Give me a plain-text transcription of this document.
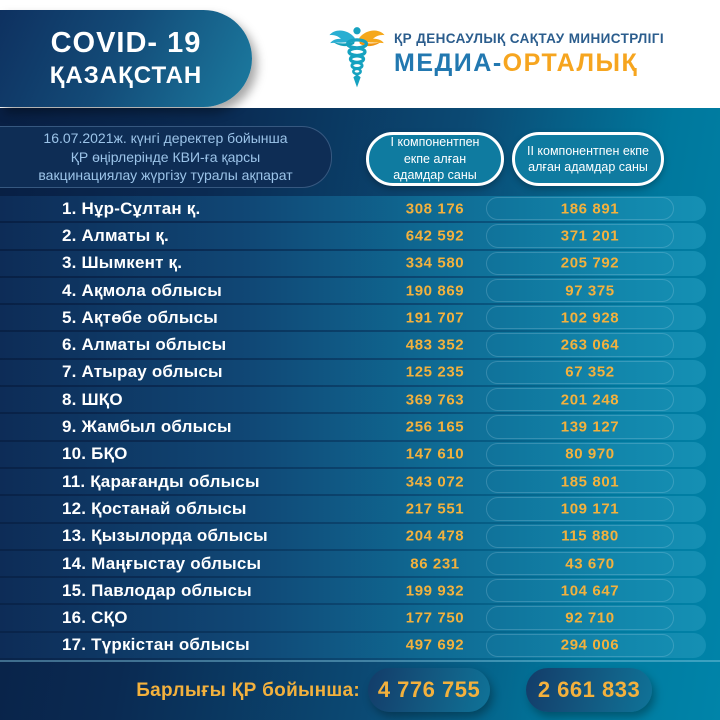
COVID- 19
ҚАЗАҚСТАН
ҚР ДЕНСАУЛЫҚ САҚТАУ МИНИСТРЛІГІ
МЕДИА-ОРТАЛЫҚ
16.07.2021ж. күнгі деректер бойынша
ҚР өңірлерінде КВИ-ға қарсы
вакцинациялау жүргізу туралы ақпарат
І компонентпен екпе алған адамдар саны
ІІ компонентпен екпе алған адамдар саны
1. Нұр-Сұлтан қ.	308 176	186 891
2. Алматы қ.	642 592	371 201
3. Шымкент қ.	334 580	205 792
4. Ақмола облысы	190 869	97 375
5. Ақтөбе облысы	191 707	102 928
6. Алматы облысы	483 352	263 064
7. Атырау облысы	125 235	67 352
8. ШҚО	369 763	201 248
9. Жамбыл облысы	256 165	139 127
10. БҚО	147 610	80 970
11. Қарағанды облысы	343 072	185 801
12. Қостанай облысы	217 551	109 171
13. Қызылорда облысы	204 478	115 880
14. Маңғыстау облысы	86 231	43 670
15. Павлодар облысы	199 932	104 647
16. СҚО	177 750	92 710
17. Түркістан облысы	497 692	294 006
Барлығы ҚР бойынша: 4 776 755	2 661 833
